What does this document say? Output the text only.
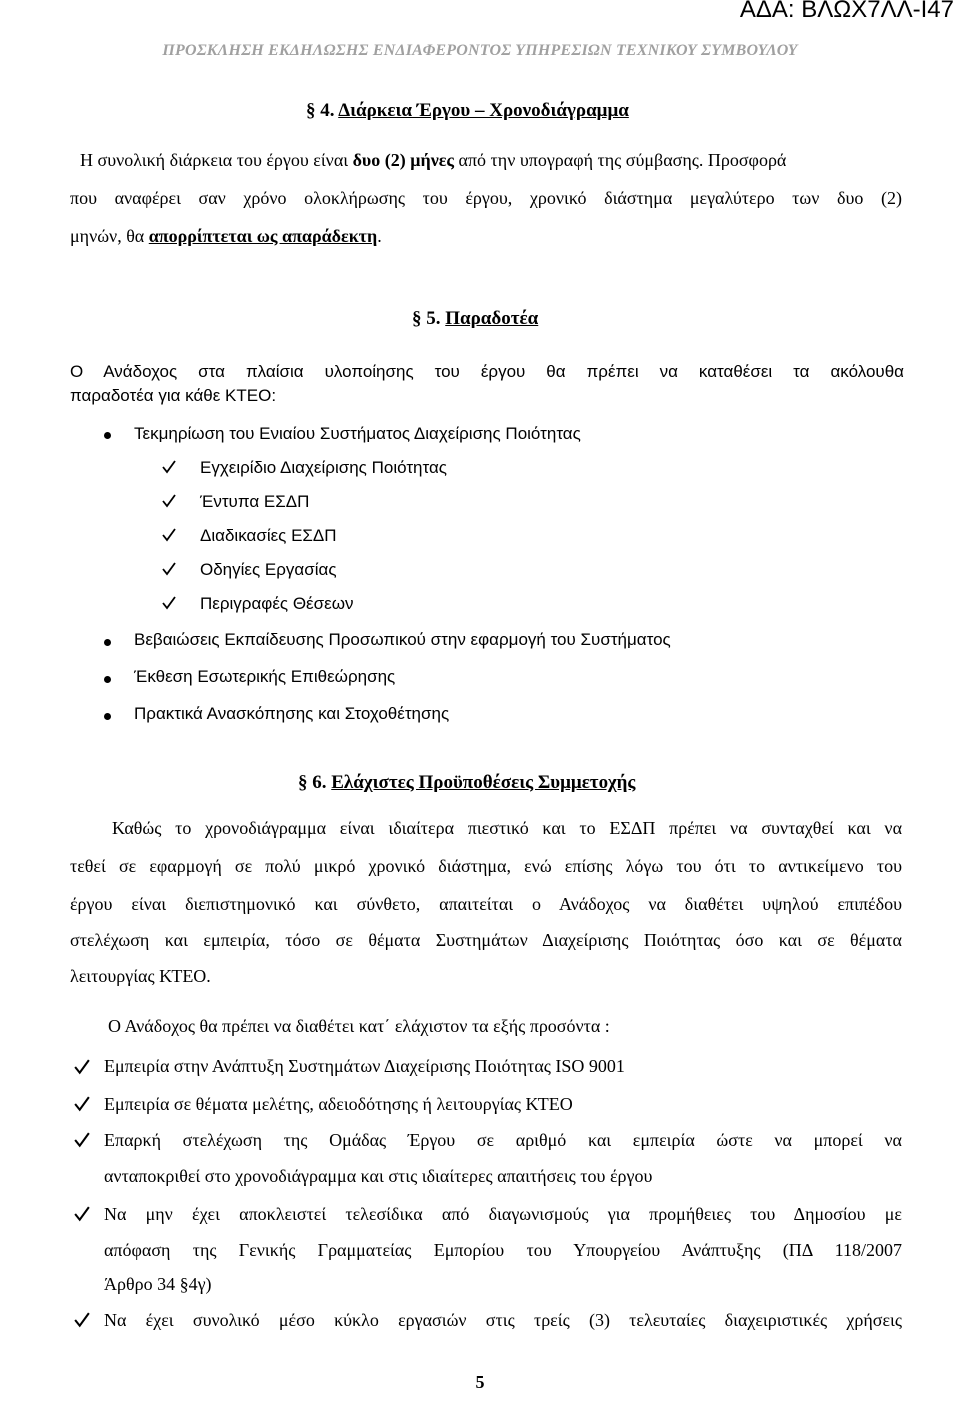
ΑΔΑ: ΒΛΩΧ7ΛΛ-Ι47
ΠΡΟΣΚΛΗΣΗ ΕΚΔΗΛΩΣΗΣ ΕΝΔΙΑΦΕΡΟΝΤΟΣ ΥΠΗΡΕΣΙΩΝ ΤΕΧΝΙΚΟΥ ΣΥΜΒΟΥΛΟΥ
§ 4. Διάρκεια Έργου – Χρονοδιάγραμμα
Η συνολική διάρκεια του έργου είναι δυο (2) μήνες από την υπογραφή της σύμβασης. Προσφορά
που αναφέρει σαν χρόνο ολοκλήρωσης του έργου, χρονικό διάστημα μεγαλύτερο των δυο (2)
μηνών, θα απορρίπτεται ως απαράδεκτη.
§ 5. Παραδοτέα
Ο Ανάδοχος στα πλαίσια υλοποίησης του έργου θα πρέπει να καταθέσει τα ακόλουθα
παραδοτέα για κάθε ΚΤΕΟ:
Τεκμηρίωση του Ενιαίου Συστήματος Διαχείρισης Ποιότητας
Εγχειρίδιο Διαχείρισης Ποιότητας
Έντυπα ΕΣΔΠ
Διαδικασίες ΕΣΔΠ
Οδηγίες Εργασίας
Περιγραφές Θέσεων
Βεβαιώσεις Εκπαίδευσης Προσωπικού στην εφαρμογή του Συστήματος
Έκθεση Εσωτερικής Επιθεώρησης
Πρακτικά Ανασκόπησης και Στοχοθέτησης
§ 6. Ελάχιστες Προϋποθέσεις Συμμετοχής
Καθώς το χρονοδιάγραμμα είναι ιδιαίτερα πιεστικό και το ΕΣΔΠ πρέπει να συνταχθεί και να
τεθεί σε εφαρμογή σε πολύ μικρό χρονικό διάστημα, ενώ επίσης λόγω του ότι το αντικείμενο του
έργου είναι διεπιστημονικό και σύνθετο, απαιτείται ο Ανάδοχος να διαθέτει υψηλού επιπέδου
στελέχωση και εμπειρία, τόσο σε θέματα Συστημάτων Διαχείρισης Ποιότητας όσο και σε θέματα
λειτουργίας ΚΤΕΟ.
Ο Ανάδοχος θα πρέπει να διαθέτει κατ΄ ελάχιστον τα εξής προσόντα :
Εμπειρία στην Ανάπτυξη Συστημάτων Διαχείρισης Ποιότητας ISO 9001
Εμπειρία σε θέματα μελέτης, αδειοδότησης ή λειτουργίας ΚΤΕΟ
Επαρκή στελέχωση της Ομάδας Έργου σε αριθμό και εμπειρία ώστε να μπορεί να
ανταποκριθεί στο χρονοδιάγραμμα και στις ιδιαίτερες απαιτήσεις του έργου
Να μην έχει αποκλειστεί τελεσίδικα από διαγωνισμούς για προμήθειες του Δημοσίου με
απόφαση της Γενικής Γραμματείας Εμπορίου του Υπουργείου Ανάπτυξης (ΠΔ 118/2007
Άρθρο 34 §4γ)
Να έχει συνολικό μέσο κύκλο εργασιών στις τρείς (3) τελευταίες διαχειριστικές χρήσεις
5
